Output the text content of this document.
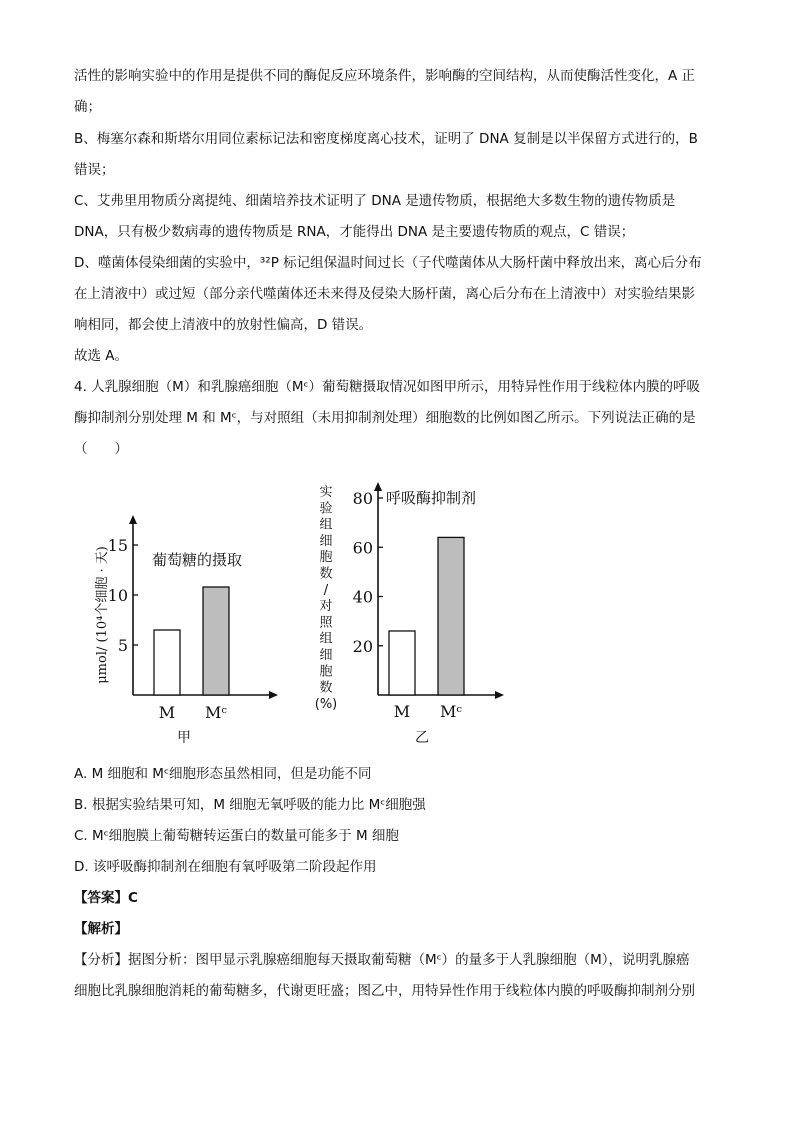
活性的影响实验中的作用是提供不同的酶促反应环境条件，影响酶的空间结构，从而使酶活性变化，A 正
确；
B、梅塞尔森和斯塔尔用同位素标记法和密度梯度离心技术，证明了 DNA 复制是以半保留方式进行的，B
错误；
C、艾弗里用物质分离提纯、细菌培养技术证明了 DNA 是遗传物质，根据绝大多数生物的遗传物质是
DNA，只有极少数病毒的遗传物质是 RNA，才能得出 DNA 是主要遗传物质的观点，C 错误；
D、噬菌体侵染细菌的实验中，³²P 标记组保温时间过长（子代噬菌体从大肠杆菌中释放出来，离心后分布
在上清液中）或过短（部分亲代噬菌体还未来得及侵染大肠杆菌，离心后分布在上清液中）对实验结果影
响相同，都会使上清液中的放射性偏高，D 错误。
故选 A。
4. 人乳腺细胞（M）和乳腺癌细胞（Mᶜ）葡萄糖摄取情况如图甲所示，用特异性作用于线粒体内膜的呼吸
酶抑制剂分别处理 M 和 Mᶜ，与对照组（未用抑制剂处理）细胞数的比例如图乙所示。下列说法正确的是
（　　）
葡萄糖的摄取
μmol/ (10⁴个细胞 · 天)
甲
5
10
15
M Mᶜ
呼吸酶抑制剂
乙
20
40
60
80
M Mᶜ
实
验
组
细
胞
数
/
对
照
组
细
胞
数
(%)
A. M 细胞和 Mᶜ细胞形态虽然相同，但是功能不同
B. 根据实验结果可知，M 细胞无氧呼吸的能力比 Mᶜ细胞强
C. Mᶜ细胞膜上葡萄糖转运蛋白的数量可能多于 M 细胞
D. 该呼吸酶抑制剂在细胞有氧呼吸第二阶段起作用
【答案】C
【解析】
【分析】据图分析：图甲显示乳腺癌细胞每天摄取葡萄糖（Mᶜ）的量多于人乳腺细胞（M），说明乳腺癌
细胞比乳腺细胞消耗的葡萄糖多，代谢更旺盛；图乙中，用特异性作用于线粒体内膜的呼吸酶抑制剂分别
